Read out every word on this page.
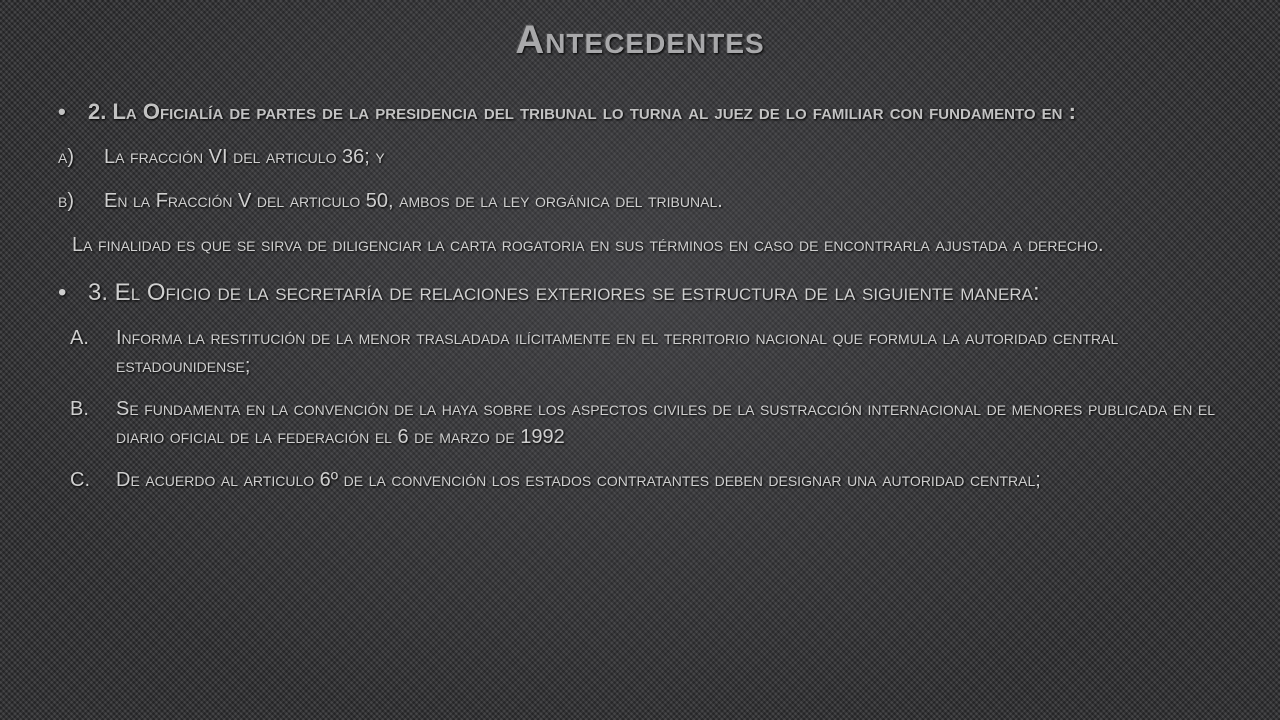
Antecedentes
•	2. La Oficialía de partes de la presidencia del tribunal lo turna al juez de lo familiar con fundamento en :
a)	La fracción VI del articulo 36; y
b)	En la Fracción V del articulo 50, ambos de la ley orgánica del tribunal.
La finalidad es que se sirva de diligenciar la carta rogatoria en sus términos en caso de encontrarla ajustada a derecho.
• 3. El Oficio de la secretaría de relaciones exteriores se estructura de la siguiente manera:
A.	Informa la restitución de la menor trasladada ilícitamente en el territorio nacional que formula la autoridad central estadounidense;
B.	Se fundamenta en la convención de la haya sobre los aspectos civiles de la sustracción internacional de menores publicada en el diario oficial de la federación el 6 de marzo de 1992
C.	De acuerdo al articulo 6º de la convención los estados contratantes deben designar una autoridad central;
